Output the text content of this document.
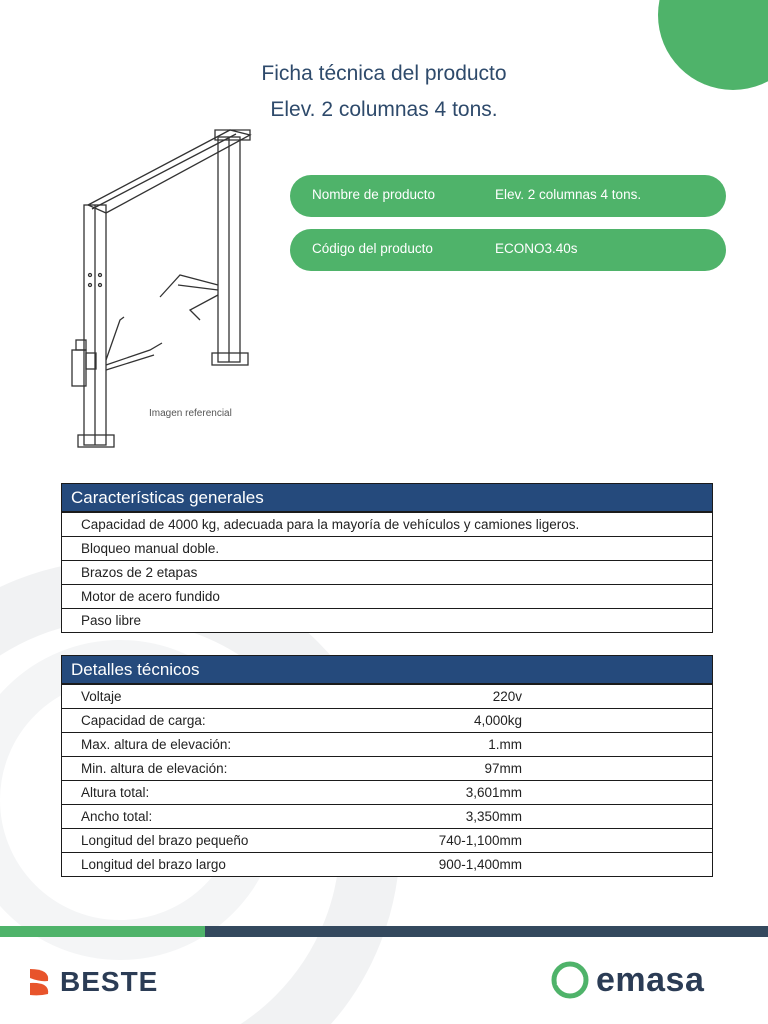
Ficha técnica del producto
Elev. 2 columnas 4 tons.
Imagen referencial
Nombre de producto	Elev. 2 columnas 4 tons.
Código del producto	ECONO3.40s
Características generales
Capacidad de 4000 kg, adecuada para la mayoría de vehículos y camiones ligeros.
Bloqueo manual doble.
Brazos de 2 etapas
Motor de acero fundido
Paso libre
Detalles técnicos
Voltaje	220v
Capacidad de carga:	4,000kg
Max. altura de elevación:	1.mm
Min. altura de elevación:	97mm
Altura total:	3,601mm
Ancho total:	3,350mm
Longitud del brazo pequeño	740-1,100mm
Longitud del brazo largo	900-1,400mm
BESTE	emasa
